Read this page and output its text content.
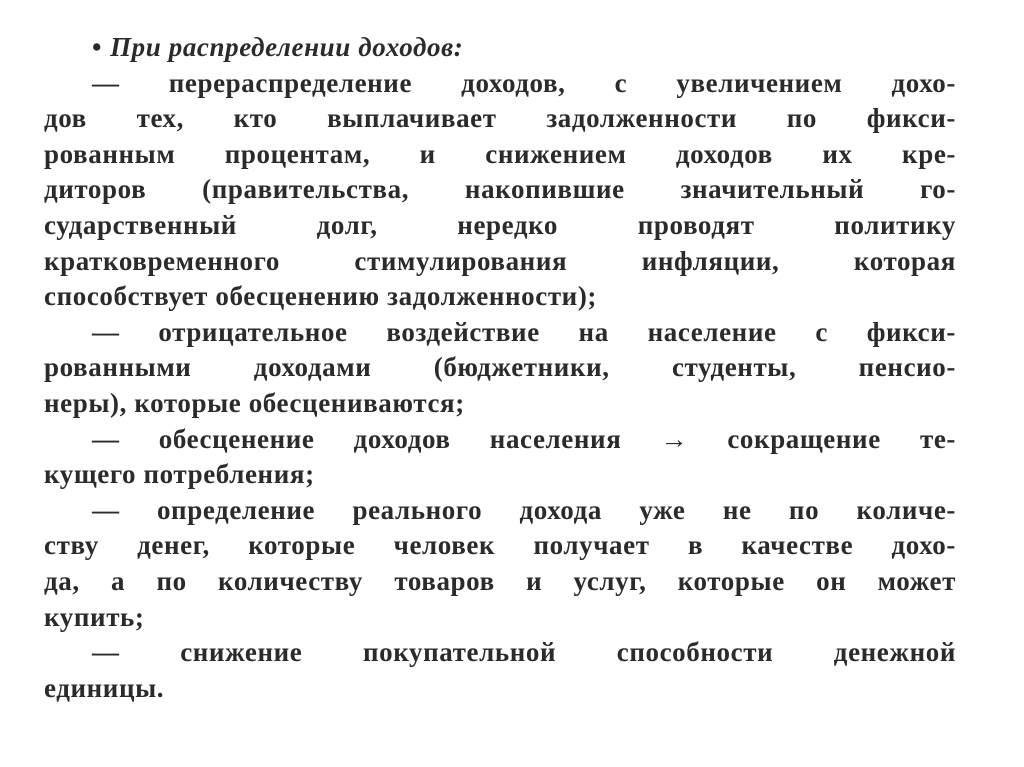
• При распределении доходов:
— перераспределение доходов, с увеличением дохо-
дов тех, кто выплачивает задолженности по фикси-
рованным процентам, и снижением доходов их кре-
диторов (правительства, накопившие значительный го-
сударственный долг, нередко проводят политику
кратковременного стимулирования инфляции, которая
способствует обесценению задолженности);
— отрицательное воздействие на население с фикси-
рованными доходами (бюджетники, студенты, пенсио-
неры), которые обесцениваются;
— обесценение доходов населения → сокращение те-
кущего потребления;
— определение реального дохода уже не по количе-
ству денег, которые человек получает в качестве дохо-
да, а по количеству товаров и услуг, которые он может
купить;
— снижение покупательной способности денежной
единицы.
